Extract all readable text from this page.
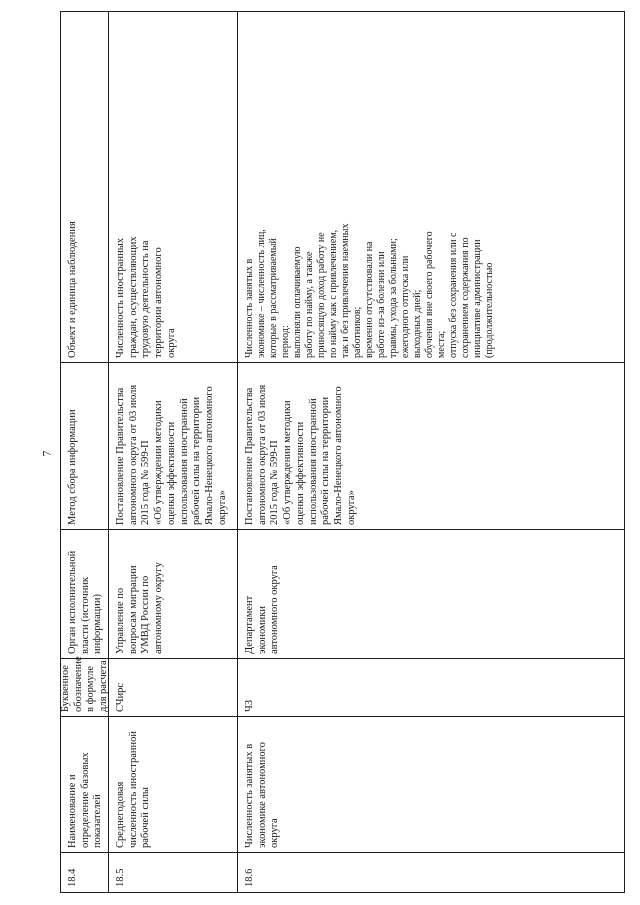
7
18.4
Наименование и определение базовых показателей
Буквенное обозначение в формуле для расчета
Орган исполнительной власти (источник информации)
Метод сбора информации
Объект и единица наблюдения
18.5
Среднегодовая численность иностранной рабочей силы
СЧирс
Управление по вопросам миграции УМВД России по автономному округу
Постановление Правительства автономного округа от 03 июля 2015 года № 599-П «Об утверждении методики оценки эффективности использования иностранной рабочей силы на территории Ямало-Ненецкого автономного округа»
Численность иностранных граждан, осуществляющих трудовую деятельность на территории автономного округа
18.6
Численность занятых в экономике автономного округа
ЧЗ
Департамент экономики автономного округа
Постановление Правительства автономного округа от 03 июля 2015 года № 599-П «Об утверждении методики оценки эффективности использования иностранной рабочей силы на территории Ямало-Ненецкого автономного округа»
Численность занятых в экономике – численность лиц, которые в рассматриваемый период: выполняли оплачиваемую работу по найму, а также приносящую доход работу не по найму как с привлечением, так и без привлечения наемных работников; временно отсутствовали на работе из-за болезни или травмы, ухода за больными; ежегодного отпуска или выходных дней; обучения вне своего рабочего места; отпуска без сохранения или с сохранением содержания по инициативе администрации (продолжительностью
